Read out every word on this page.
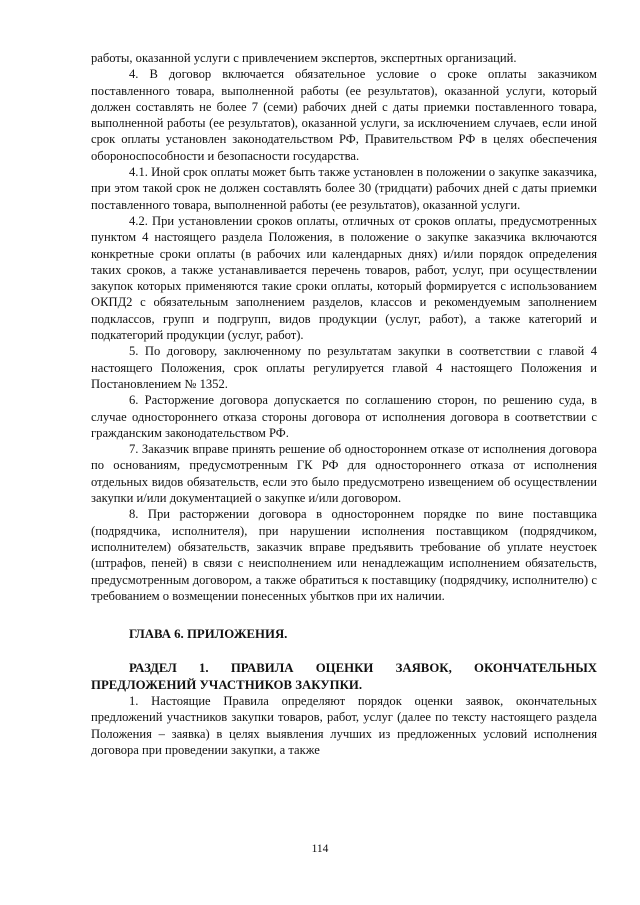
работы, оказанной услуги с привлечением экспертов, экспертных организаций.

4. В договор включается обязательное условие о сроке оплаты заказчиком поставленного товара, выполненной работы (ее результатов), оказанной услуги, который должен составлять не более 7 (семи) рабочих дней с даты приемки поставленного товара, выполненной работы (ее результатов), оказанной услуги, за исключением случаев, если иной срок оплаты установлен законодательством РФ, Правительством РФ в целях обеспечения обороноспособности и безопасности государства.

4.1. Иной срок оплаты может быть также установлен в положении о закупке заказчика, при этом такой срок не должен составлять более 30 (тридцати) рабочих дней с даты приемки поставленного товара, выполненной работы (ее результатов), оказанной услуги.

4.2. При установлении сроков оплаты, отличных от сроков оплаты, предусмотренных пунктом 4 настоящего раздела Положения, в положение о закупке заказчика включаются конкретные сроки оплаты (в рабочих или календарных днях) и/или порядок определения таких сроков, а также устанавливается перечень товаров, работ, услуг, при осуществлении закупок которых применяются такие сроки оплаты, который формируется с использованием ОКПД2 с обязательным заполнением разделов, классов и рекомендуемым заполнением подклассов, групп и подгрупп, видов продукции (услуг, работ), а также категорий и подкатегорий продукции (услуг, работ).

5. По договору, заключенному по результатам закупки в соответствии с главой 4 настоящего Положения, срок оплаты регулируется главой 4 настоящего Положения и Постановлением № 1352.

6. Расторжение договора допускается по соглашению сторон, по решению суда, в случае одностороннего отказа стороны договора от исполнения договора в соответствии с гражданским законодательством РФ.

7. Заказчик вправе принять решение об одностороннем отказе от исполнения договора по основаниям, предусмотренным ГК РФ для одностороннего отказа от исполнения отдельных видов обязательств, если это было предусмотрено извещением об осуществлении закупки и/или документацией о закупке и/или договором.

8. При расторжении договора в одностороннем порядке по вине поставщика (подрядчика, исполнителя), при нарушении исполнения поставщиком (подрядчиком, исполнителем) обязательств, заказчик вправе предъявить требование об уплате неустоек (штрафов, пеней) в связи с неисполнением или ненадлежащим исполнением обязательств, предусмотренным договором, а также обратиться к поставщику (подрядчику, исполнителю) с требованием о возмещении понесенных убытков при их наличии.

ГЛАВА 6. ПРИЛОЖЕНИЯ.

РАЗДЕЛ 1. ПРАВИЛА ОЦЕНКИ ЗАЯВОК, ОКОНЧАТЕЛЬНЫХ ПРЕДЛОЖЕНИЙ УЧАСТНИКОВ ЗАКУПКИ.

1. Настоящие Правила определяют порядок оценки заявок, окончательных предложений участников закупки товаров, работ, услуг (далее по тексту настоящего раздела Положения – заявка) в целях выявления лучших из предложенных условий исполнения договора при проведении закупки, а также

114
